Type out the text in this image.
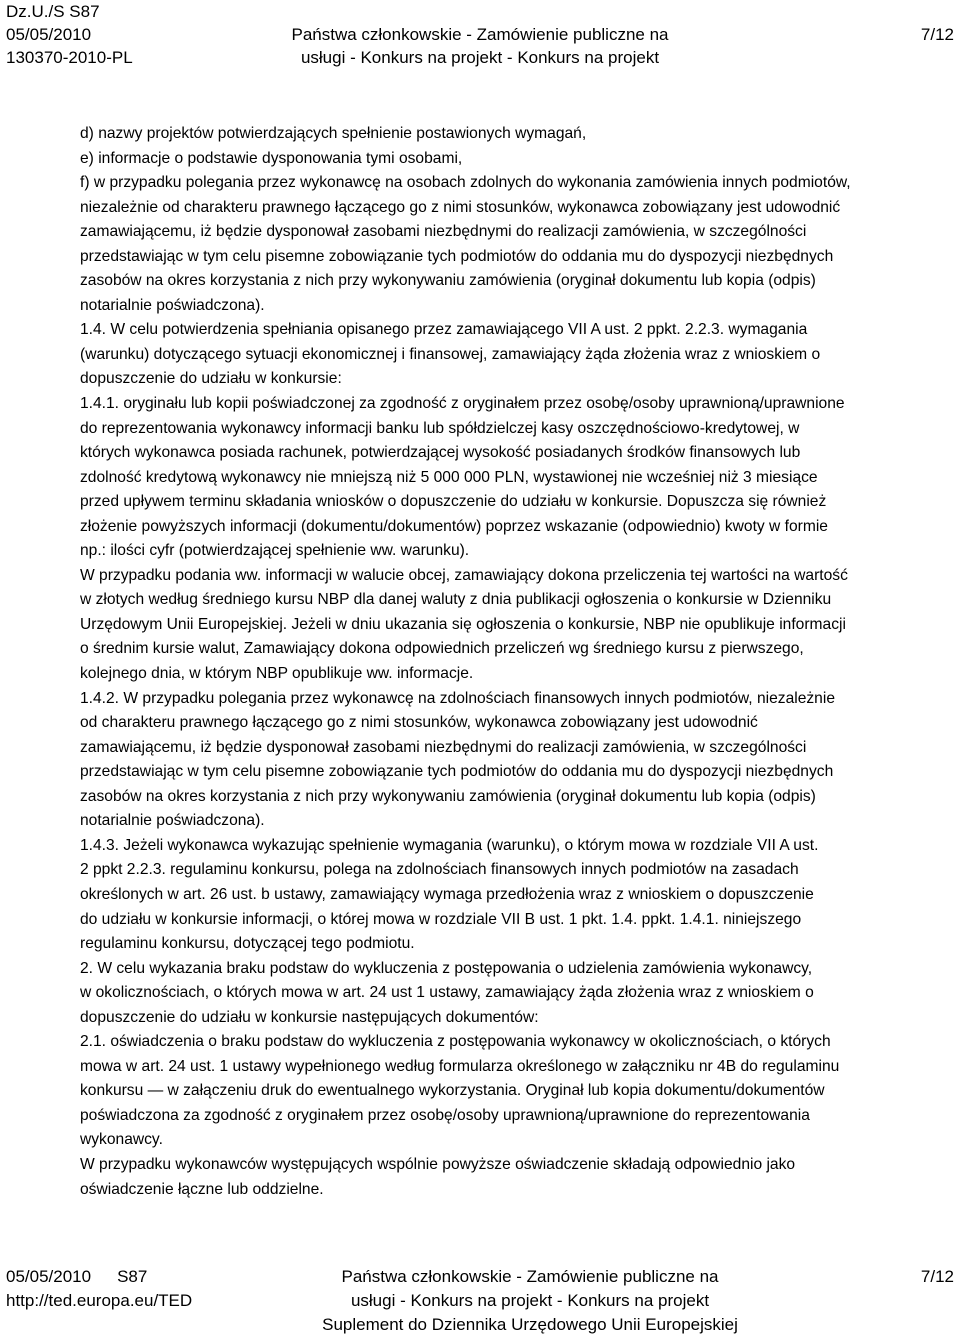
Dz.U./S S87
05/05/2010
130370-2010-PL
Państwa członkowskie - Zamówienie publiczne na
usługi - Konkurs na projekt - Konkurs na projekt
7/12
d) nazwy projektów potwierdzających spełnienie postawionych wymagań,
e) informacje o podstawie dysponowania tymi osobami,
f) w przypadku polegania przez wykonawcę na osobach zdolnych do wykonania zamówienia innych podmiotów,
niezależnie od charakteru prawnego łączącego go z nimi stosunków, wykonawca zobowiązany jest udowodnić
zamawiającemu, iż będzie dysponował zasobami niezbędnymi do realizacji zamówienia, w szczególności
przedstawiając w tym celu pisemne zobowiązanie tych podmiotów do oddania mu do dyspozycji niezbędnych
zasobów na okres korzystania z nich przy wykonywaniu zamówienia (oryginał dokumentu lub kopia (odpis)
notarialnie poświadczona).
1.4. W celu potwierdzenia spełniania opisanego przez zamawiającego VII A ust. 2 ppkt. 2.2.3. wymagania
(warunku) dotyczącego sytuacji ekonomicznej i finansowej, zamawiający żąda złożenia wraz z wnioskiem o
dopuszczenie do udziału w konkursie:
1.4.1. oryginału lub kopii poświadczonej za zgodność z oryginałem przez osobę/osoby uprawnioną/uprawnione
do reprezentowania wykonawcy informacji banku lub spółdzielczej kasy oszczędnościowo-kredytowej, w
których wykonawca posiada rachunek, potwierdzającej wysokość posiadanych środków finansowych lub
zdolność kredytową wykonawcy nie mniejszą niż 5 000 000 PLN, wystawionej nie wcześniej niż 3 miesiące
przed upływem terminu składania wniosków o dopuszczenie do udziału w konkursie. Dopuszcza się również
złożenie powyższych informacji (dokumentu/dokumentów) poprzez wskazanie (odpowiednio) kwoty w formie
np.: ilości cyfr (potwierdzającej spełnienie ww. warunku).
W przypadku podania ww. informacji w walucie obcej, zamawiający dokona przeliczenia tej wartości na wartość
w złotych według średniego kursu NBP dla danej waluty z dnia publikacji ogłoszenia o konkursie w Dzienniku
Urzędowym Unii Europejskiej. Jeżeli w dniu ukazania się ogłoszenia o konkursie, NBP nie opublikuje informacji
o średnim kursie walut, Zamawiający dokona odpowiednich przeliczeń wg średniego kursu z pierwszego,
kolejnego dnia, w którym NBP opublikuje ww. informacje.
1.4.2. W przypadku polegania przez wykonawcę na zdolnościach finansowych innych podmiotów, niezależnie
od charakteru prawnego łączącego go z nimi stosunków, wykonawca zobowiązany jest udowodnić
zamawiającemu, iż będzie dysponował zasobami niezbędnymi do realizacji zamówienia, w szczególności
przedstawiając w tym celu pisemne zobowiązanie tych podmiotów do oddania mu do dyspozycji niezbędnych
zasobów na okres korzystania z nich przy wykonywaniu zamówienia (oryginał dokumentu lub kopia (odpis)
notarialnie poświadczona).
1.4.3. Jeżeli wykonawca wykazując spełnienie wymagania (warunku), o którym mowa w rozdziale VII A ust.
2 ppkt 2.2.3. regulaminu konkursu, polega na zdolnościach finansowych innych podmiotów na zasadach
określonych w art. 26 ust. b ustawy, zamawiający wymaga przedłożenia wraz z wnioskiem o dopuszczenie
do udziału w konkursie informacji, o której mowa w rozdziale VII B ust. 1 pkt. 1.4. ppkt. 1.4.1. niniejszego
regulaminu konkursu, dotyczącej tego podmiotu.
2. W celu wykazania braku podstaw do wykluczenia z postępowania o udzielenia zamówienia wykonawcy,
w okolicznościach, o których mowa w art. 24 ust 1 ustawy, zamawiający żąda złożenia wraz z wnioskiem o
dopuszczenie do udziału w konkursie następujących dokumentów:
2.1. oświadczenia o braku podstaw do wykluczenia z postępowania wykonawcy w okolicznościach, o których
mowa w art. 24 ust. 1 ustawy wypełnionego według formularza określonego w załączniku nr 4B do regulaminu
konkursu — w załączeniu druk do ewentualnego wykorzystania. Oryginał lub kopia dokumentu/dokumentów
poświadczona za zgodność z oryginałem przez osobę/osoby uprawnioną/uprawnione do reprezentowania
wykonawcy.
W przypadku wykonawców występujących wspólnie powyższe oświadczenie składają odpowiednio jako
oświadczenie łączne lub oddzielne.
05/05/2010 S87
http://ted.europa.eu/TED
Państwa członkowskie - Zamówienie publiczne na
usługi - Konkurs na projekt - Konkurs na projekt
Suplement do Dziennika Urzędowego Unii Europejskiej
7/12
